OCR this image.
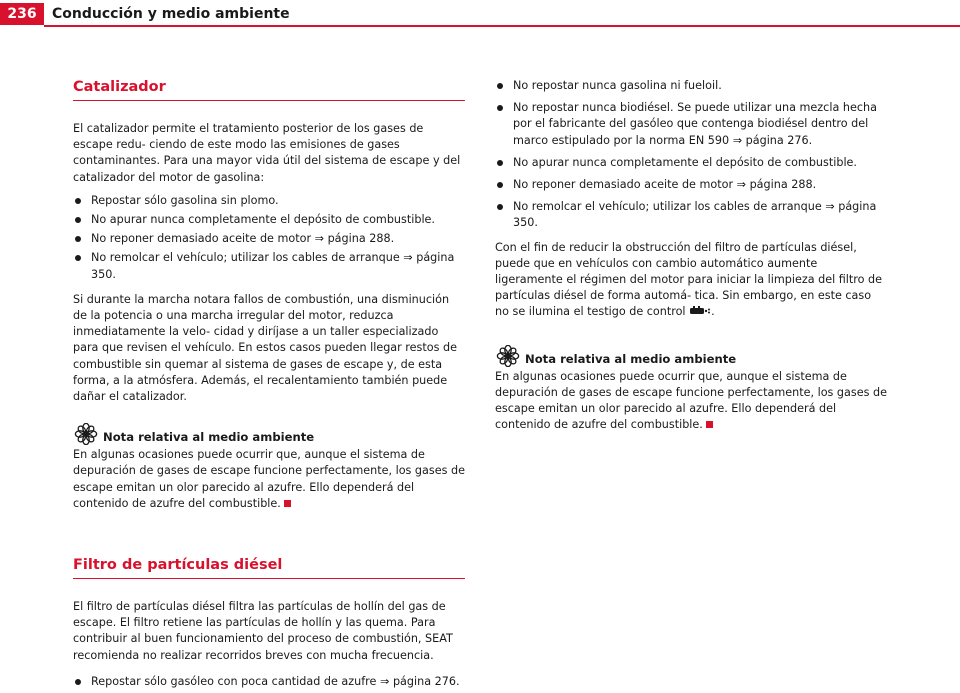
236	Conducción y medio ambiente
Catalizador

El catalizador permite el tratamiento posterior de los gases de escape redu- ciendo de este modo las emisiones de gases contaminantes. Para una mayor vida útil del sistema de escape y del catalizador del motor de gasolina:

Repostar sólo gasolina sin plomo.
No apurar nunca completamente el depósito de combustible.
No reponer demasiado aceite de motor ⇒ página 288.
No remolcar el vehículo; utilizar los cables de arranque ⇒ página 350.

Si durante la marcha notara fallos de combustión, una disminución de la potencia o una marcha irregular del motor, reduzca inmediatamente la velo- cidad y diríjase a un taller especializado para que revisen el vehículo. En estos casos pueden llegar restos de combustible sin quemar al sistema de gases de escape y, de esta forma, a la atmósfera. Además, el recalentamiento también puede dañar el catalizador.

Nota relativa al medio ambiente

En algunas ocasiones puede ocurrir que, aunque el sistema de depuración de gases de escape funcione perfectamente, los gases de escape emitan un olor parecido al azufre. Ello dependerá del contenido de azufre del combustible.

Filtro de partículas diésel

El filtro de partículas diésel filtra las partículas de hollín del gas de escape. El filtro retiene las partículas de hollín y las quema. Para contribuir al buen funcionamiento del proceso de combustión, SEAT recomienda no realizar recorridos breves con mucha frecuencia.

Repostar sólo gasóleo con poca cantidad de azufre ⇒ página 276.
No repostar nunca gasolina ni fueloil.
No repostar nunca biodiésel. Se puede utilizar una mezcla hecha por el fabricante del gasóleo que contenga biodiésel dentro del marco estipulado por la norma EN 590 ⇒ página 276.
No apurar nunca completamente el depósito de combustible.
No reponer demasiado aceite de motor ⇒ página 288.
No remolcar el vehículo; utilizar los cables de arranque ⇒ página 350.

Con el fin de reducir la obstrucción del filtro de partículas diésel, puede que en vehículos con cambio automático aumente ligeramente el régimen del motor para iniciar la limpieza del filtro de partículas diésel de forma automá- tica. Sin embargo, en este caso no se ilumina el testigo de control .

Nota relativa al medio ambiente

En algunas ocasiones puede ocurrir que, aunque el sistema de depuración de gases de escape funcione perfectamente, los gases de escape emitan un olor parecido al azufre. Ello dependerá del contenido de azufre del combustible.
